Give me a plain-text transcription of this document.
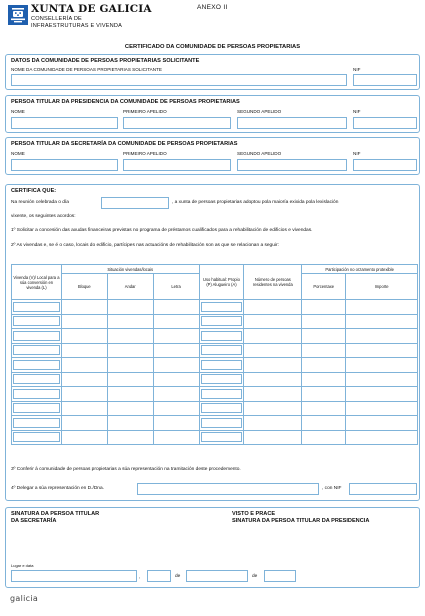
XUNTA DE GALICIA
CONSELLERÍA DE
INFRAESTRUTURAS E VIVENDA
ANEXO II
CERTIFICADO DA COMUNIDADE DE PERSOAS PROPIETARIAS
DATOS DA COMUNIDADE DE PERSOAS PROPIETARIAS SOLICITANTE
NOME DA COMUNIDADE DE PERSOAS PROPIETARIAS SOLICITANTE	NIF
PERSOA TITULAR DA PRESIDENCIA DA COMUNIDADE DE PERSOAS PROPIETARIAS
NOME	PRIMEIRO APELIDO	SEGUNDO APELIDO	NIF
PERSOA TITULAR DA SECRETARÍA DA COMUNIDADE DE PERSOAS PROPIETARIAS
NOME	PRIMEIRO APELIDO	SEGUNDO APELIDO	NIF
CERTIFICA QUE:
Na reunión celebrada o día	, a xunta de persoas propietarias adoptou pola maioría exixida pola lexislación
vixente, os seguintes acordos:
1º Solicitar a concesión das axudas financeiras previstas no programa de préstamos cualificados para a rehabilitación de edificios e vivendas.
2º As vivendas e, se é o caso, locais do edificio, partícipes nas actuacións de rehabilitación son as que se relacionan a seguir:
Vivenda (V)/ Local para a súa conversión en vivenda (L)	Situación vivendas/locais			Uso habitual: Propio (P) Alugueiro (A)	Número de persoas residentes na vivenda	Participación no orzamento protexible	
	Bloque	Andar	Letra			Porcentaxe	Importe

3º Conferir á comunidade de persoas propietarias a súa representación na tramitación deste procedemento.
4º Delegar a súa representación en D./Dna.	, con NIF
SINATURA DA PERSOA TITULAR
DA SECRETARÍA
VISTO E PRACE
SINATURA DA PERSOA TITULAR DA PRESIDENCIA
Lugar e data
,	de	de
galicia
